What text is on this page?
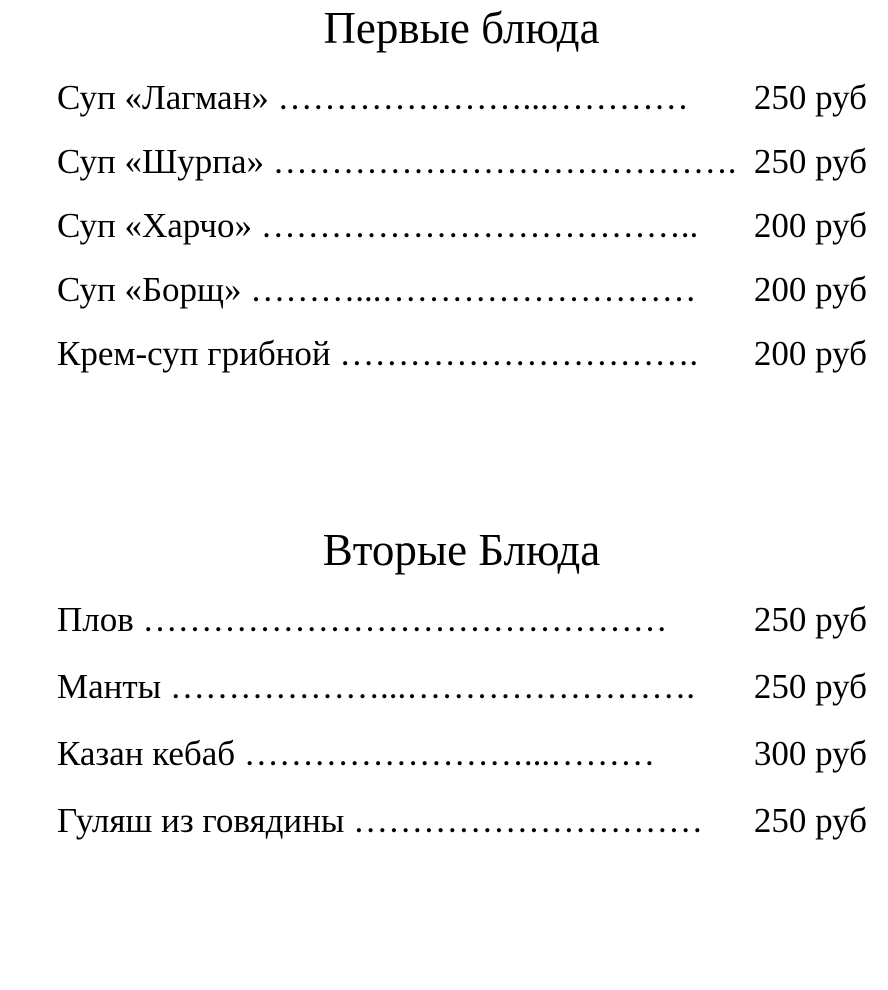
Первые блюда
Суп «Лагман» …………………...…………	250 руб
Суп «Шурпа» …………………………………. 250 руб
Суп «Харчо» ………………………………..	200 руб
Суп «Борщ» ………...………………………	200 руб
Крем-суп грибной ………………………….	200 руб
Вторые Блюда
Плов ………………………………………	250 руб
Манты ………………...…………………….	250 руб
Казан кебаб ……………………...………	300 руб
Гуляш из говядины …………………………	250 руб
